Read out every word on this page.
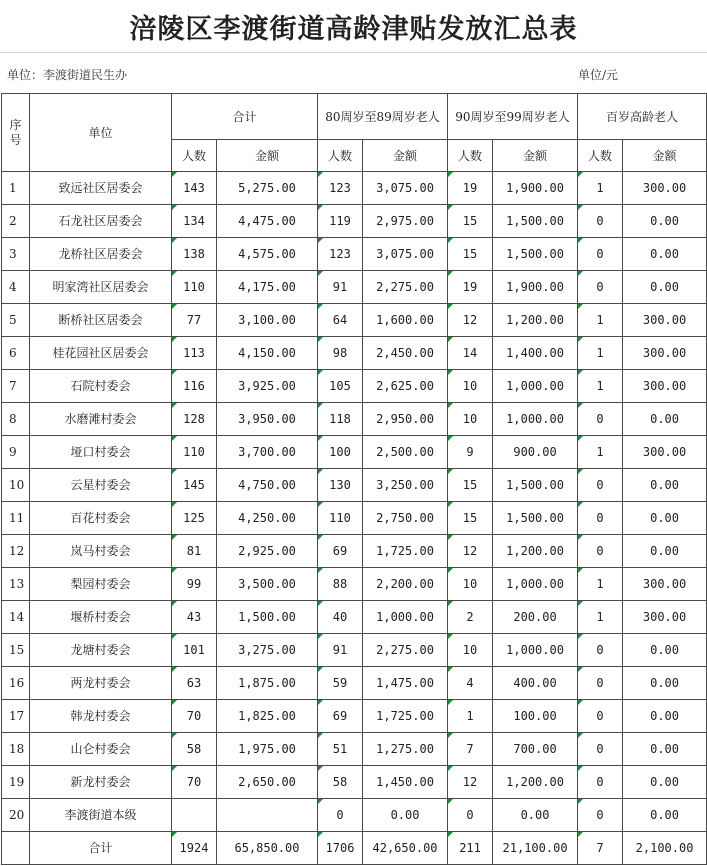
涪陵区李渡街道高龄津贴发放汇总表
单位：李渡街道民生办	单位/元
序号	单位	合计		80周岁至89周岁老人		90周岁至99周岁老人		百岁高龄老人	
		人数	金额	人数	金额	人数	金额	人数	金额
1	致远社区居委会	143	5,275.00	123	3,075.00	19	1,900.00	1	300.00
2	石龙社区居委会	134	4,475.00	119	2,975.00	15	1,500.00	0	0.00
3	龙桥社区居委会	138	4,575.00	123	3,075.00	15	1,500.00	0	0.00
4	明家湾社区居委会	110	4,175.00	91	2,275.00	19	1,900.00	0	0.00
5	断桥社区居委会	77	3,100.00	64	1,600.00	12	1,200.00	1	300.00
6	桂花园社区居委会	113	4,150.00	98	2,450.00	14	1,400.00	1	300.00
7	石院村委会	116	3,925.00	105	2,625.00	10	1,000.00	1	300.00
8	水磨滩村委会	128	3,950.00	118	2,950.00	10	1,000.00	0	0.00
9	垭口村委会	110	3,700.00	100	2,500.00	9	900.00	1	300.00
10	云星村委会	145	4,750.00	130	3,250.00	15	1,500.00	0	0.00
11	百花村委会	125	4,250.00	110	2,750.00	15	1,500.00	0	0.00
12	岚马村委会	81	2,925.00	69	1,725.00	12	1,200.00	0	0.00
13	梨园村委会	99	3,500.00	88	2,200.00	10	1,000.00	1	300.00
14	堰桥村委会	43	1,500.00	40	1,000.00	2	200.00	1	300.00
15	龙塘村委会	101	3,275.00	91	2,275.00	10	1,000.00	0	0.00
16	两龙村委会	63	1,875.00	59	1,475.00	4	400.00	0	0.00
17	韩龙村委会	70	1,825.00	69	1,725.00	1	100.00	0	0.00
18	山仑村委会	58	1,975.00	51	1,275.00	7	700.00	0	0.00
19	新龙村委会	70	2,650.00	58	1,450.00	12	1,200.00	0	0.00
20	李渡街道本级			0	0.00	0	0.00	0	0.00
	合计	1924	65,850.00	1706	42,650.00	211	21,100.00	7	2,100.00
